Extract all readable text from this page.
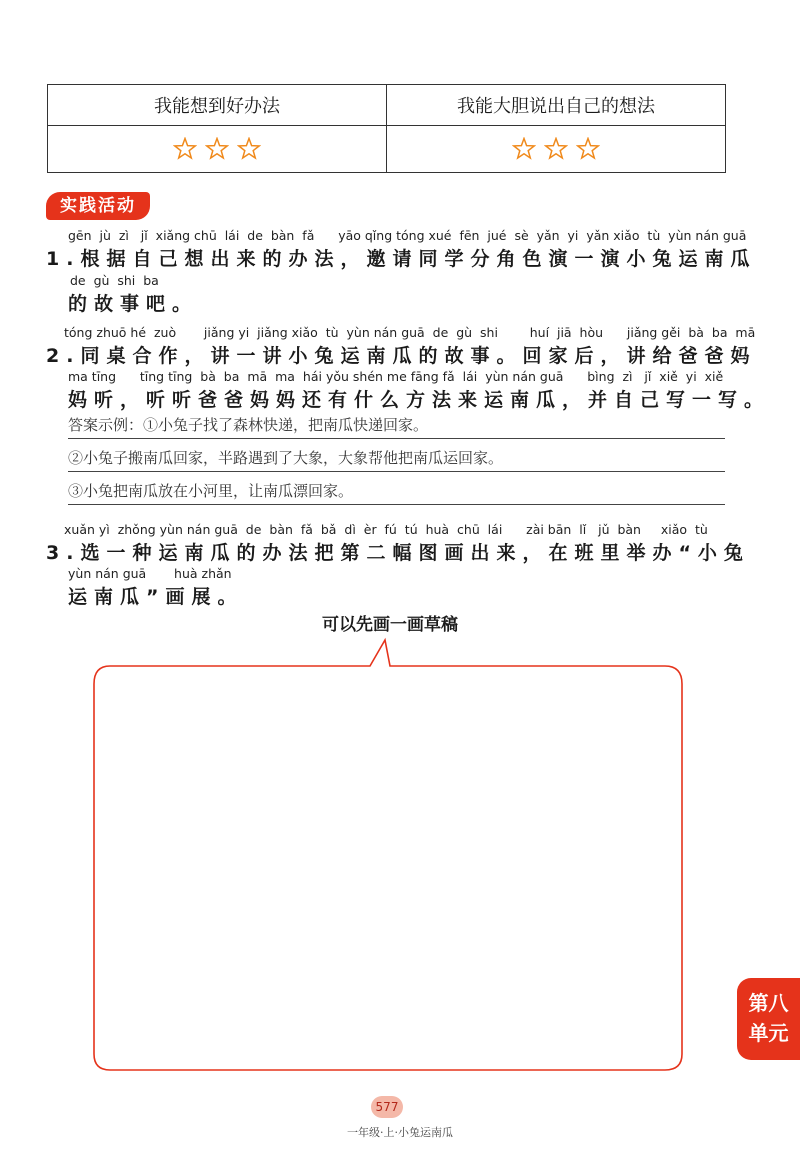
我能想到好办法	我能大胆说出自己的想法

实践活动
gēn  jù  zì   jǐ  xiǎng chū  lái  de  bàn  fǎ      yāo qǐng tóng xué  fēn  jué  sè  yǎn  yi  yǎn xiǎo  tù  yùn nán guā
1.根据自己想出来的办法，邀请同学分角色演一演小兔运南瓜
de  gù  shi  ba
的故事吧。
tóng zhuō hé  zuò       jiǎng yi  jiǎng xiǎo  tù  yùn nán guā  de  gù  shi        huí  jiā  hòu      jiǎng gěi  bà  ba  mā
2.同桌合作，讲一讲小兔运南瓜的故事。回家后，讲给爸爸妈
ma tīng      tīng tīng  bà  ba  mā  ma  hái yǒu shén me fāng fǎ  lái  yùn nán guā      bìng  zì   jǐ  xiě  yi  xiě
妈听，听听爸爸妈妈还有什么方法来运南瓜，并自己写一写。
答案示例：①小兔子找了森林快递，把南瓜快递回家。
②小兔子搬南瓜回家，半路遇到了大象，大象帮他把南瓜运回家。
③小兔把南瓜放在小河里，让南瓜漂回家。
xuǎn yì  zhǒng yùn nán guā  de  bàn  fǎ  bǎ  dì  èr  fú  tú  huà  chū  lái      zài bān  lǐ   jǔ  bàn     xiǎo  tù
3.选一种运南瓜的办法把第二幅图画出来，在班里举办“小兔
yùn nán guā       huà zhǎn
运南瓜”画展。
可以先画一画草稿
第八
单元
577
一年级·上·小兔运南瓜
